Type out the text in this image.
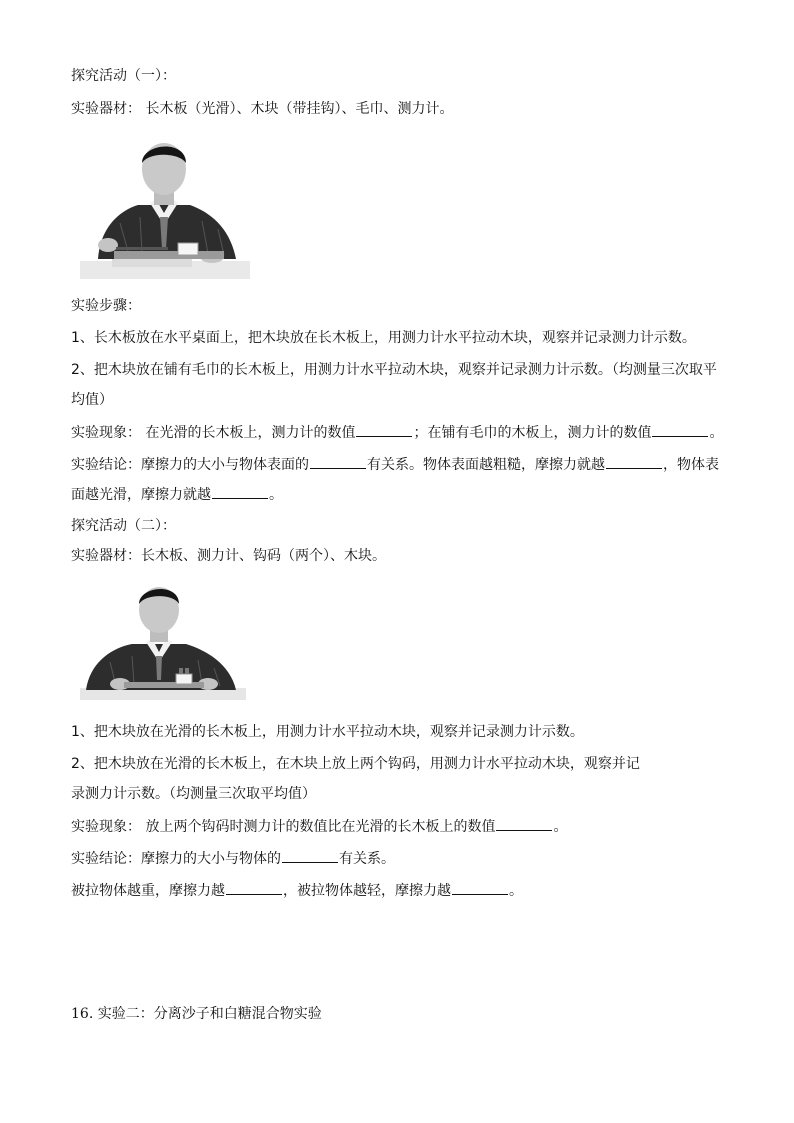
探究活动（一）：
实验器材： 长木板（光滑）、木块（带挂钩）、毛巾、测力计。
实验步骤：
1、长木板放在水平桌面上，把木块放在长木板上，用测力计水平拉动木块，观察并记录测力计示数。
2、把木块放在铺有毛巾的长木板上，用测力计水平拉动木块，观察并记录测力计示数。（均测量三次取平
均值）
实验现象： 在光滑的长木板上，测力计的数值	；在铺有毛巾的木板上，测力计的数值	。
实验结论：摩擦力的大小与物体表面的	有关系。物体表面越粗糙，摩擦力就越	，物体表
面越光滑，摩擦力就越	。
探究活动（二）：
实验器材：长木板、测力计、钩码（两个）、木块。
1、把木块放在光滑的长木板上，用测力计水平拉动木块，观察并记录测力计示数。
2、把木块放在光滑的长木板上，在木块上放上两个钩码，用测力计水平拉动木块，观察并记
录测力计示数。（均测量三次取平均值）
实验现象： 放上两个钩码时测力计的数值比在光滑的长木板上的数值	。
实验结论：摩擦力的大小与物体的	有关系。
被拉物体越重，摩擦力越	，被拉物体越轻，摩擦力越	。
16. 实验二：分离沙子和白糖混合物实验
